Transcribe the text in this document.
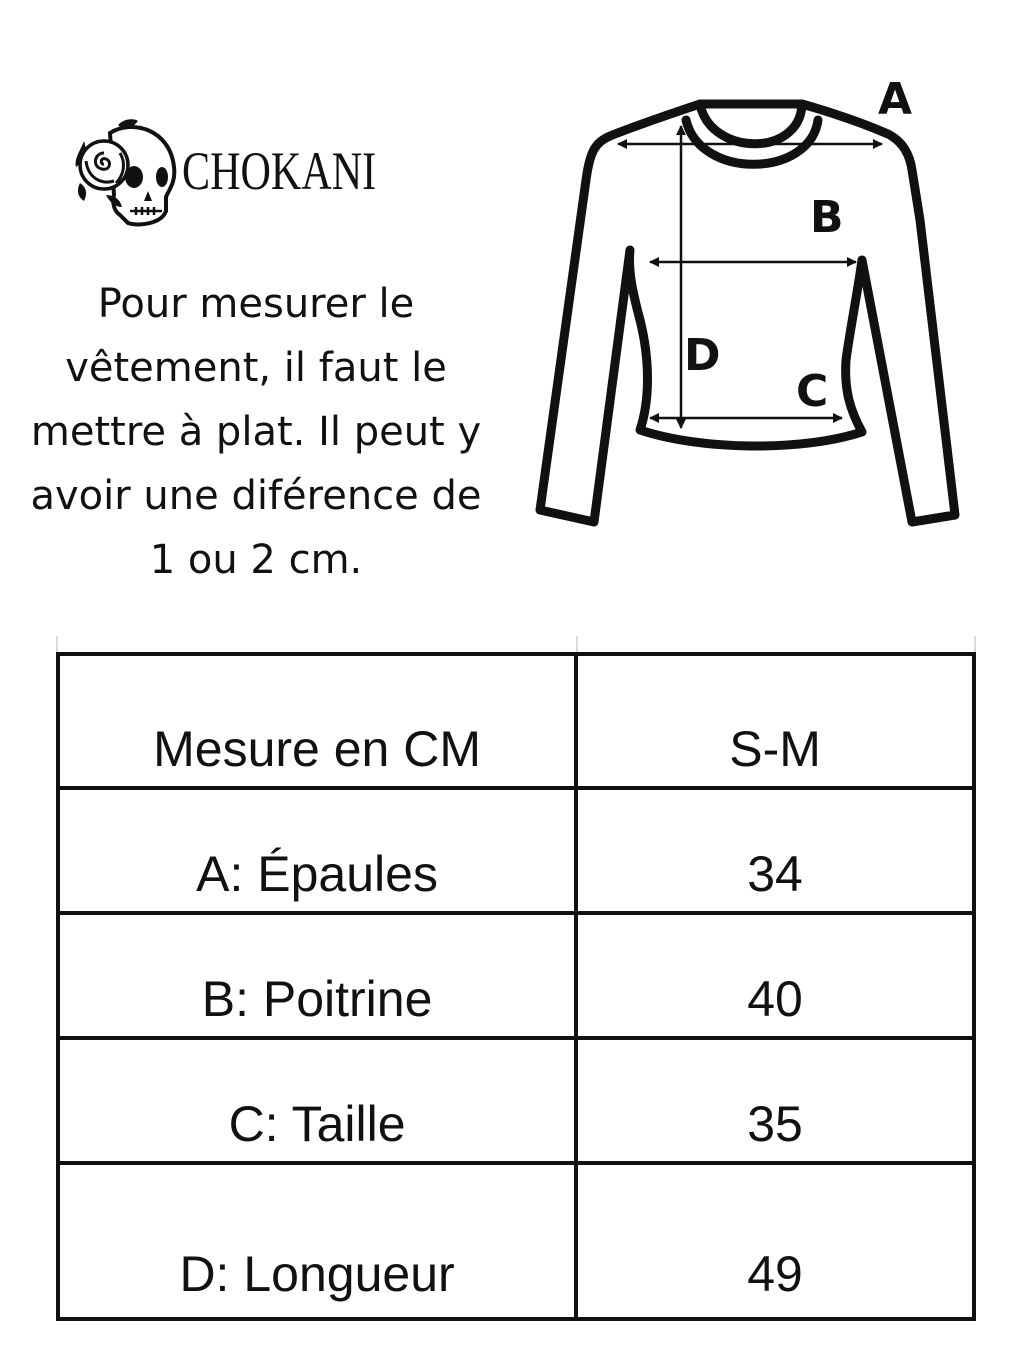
CHOKANI
Pour mesurer le
vêtement, il faut le
mettre à plat. Il peut y
avoir une diférence de
1 ou 2 cm.
A
B
D
C
Mesure en CM	S-M
A: Épaules	34
B: Poitrine	40
C: Taille	35
D: Longueur	49
